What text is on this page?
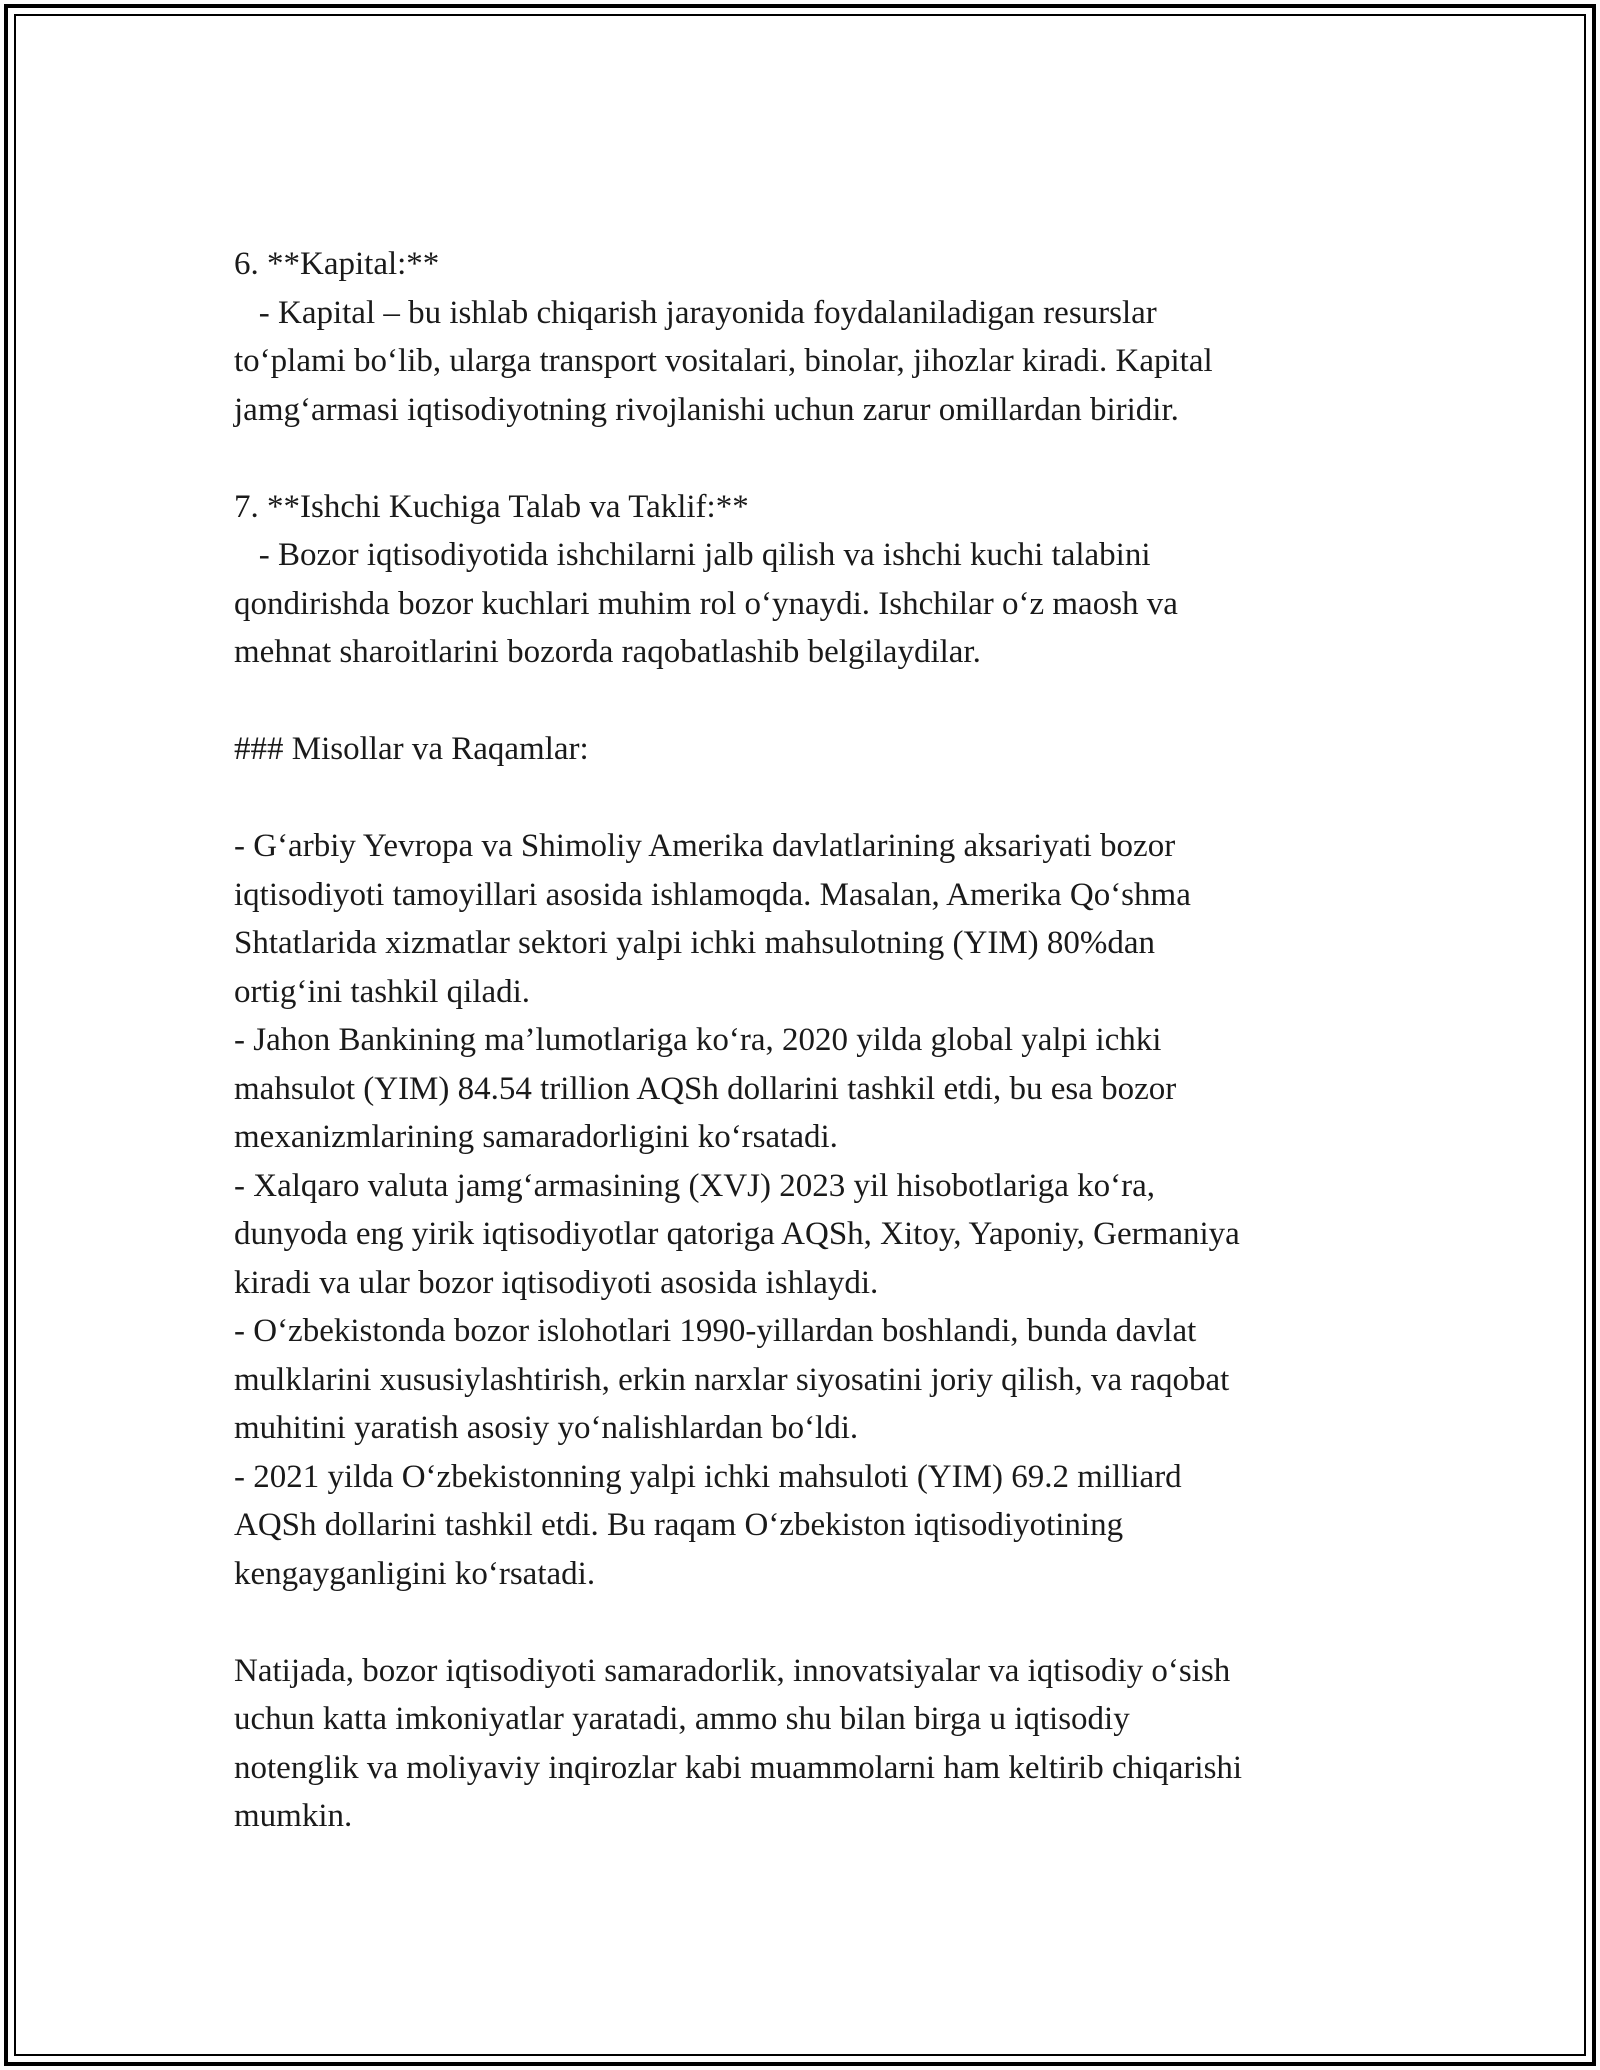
6. **Kapital:**
- Kapital – bu ishlab chiqarish jarayonida foydalaniladigan resurslar
to‘plami bo‘lib, ularga transport vositalari, binolar, jihozlar kiradi. Kapital
jamg‘armasi iqtisodiyotning rivojlanishi uchun zarur omillardan biridir.
7. **Ishchi Kuchiga Talab va Taklif:**
- Bozor iqtisodiyotida ishchilarni jalb qilish va ishchi kuchi talabini
qondirishda bozor kuchlari muhim rol o‘ynaydi. Ishchilar o‘z maosh va
mehnat sharoitlarini bozorda raqobatlashib belgilaydilar.
### Misollar va Raqamlar:
- G‘arbiy Yevropa va Shimoliy Amerika davlatlarining aksariyati bozor
iqtisodiyoti tamoyillari asosida ishlamoqda. Masalan, Amerika Qo‘shma
Shtatlarida xizmatlar sektori yalpi ichki mahsulotning (YIM) 80%dan
ortig‘ini tashkil qiladi.
- Jahon Bankining ma’lumotlariga ko‘ra, 2020 yilda global yalpi ichki
mahsulot (YIM) 84.54 trillion AQSh dollarini tashkil etdi, bu esa bozor
mexanizmlarining samaradorligini ko‘rsatadi.
- Xalqaro valuta jamg‘armasining (XVJ) 2023 yil hisobotlariga ko‘ra,
dunyoda eng yirik iqtisodiyotlar qatoriga AQSh, Xitoy, Yaponiy, Germaniya
kiradi va ular bozor iqtisodiyoti asosida ishlaydi.
- O‘zbekistonda bozor islohotlari 1990-yillardan boshlandi, bunda davlat
mulklarini xususiylashtirish, erkin narxlar siyosatini joriy qilish, va raqobat
muhitini yaratish asosiy yo‘nalishlardan bo‘ldi.
- 2021 yilda O‘zbekistonning yalpi ichki mahsuloti (YIM) 69.2 milliard
AQSh dollarini tashkil etdi. Bu raqam O‘zbekiston iqtisodiyotining
kengayganligini ko‘rsatadi.
Natijada, bozor iqtisodiyoti samaradorlik, innovatsiyalar va iqtisodiy o‘sish
uchun katta imkoniyatlar yaratadi, ammo shu bilan birga u iqtisodiy
notenglik va moliyaviy inqirozlar kabi muammolarni ham keltirib chiqarishi
mumkin.
